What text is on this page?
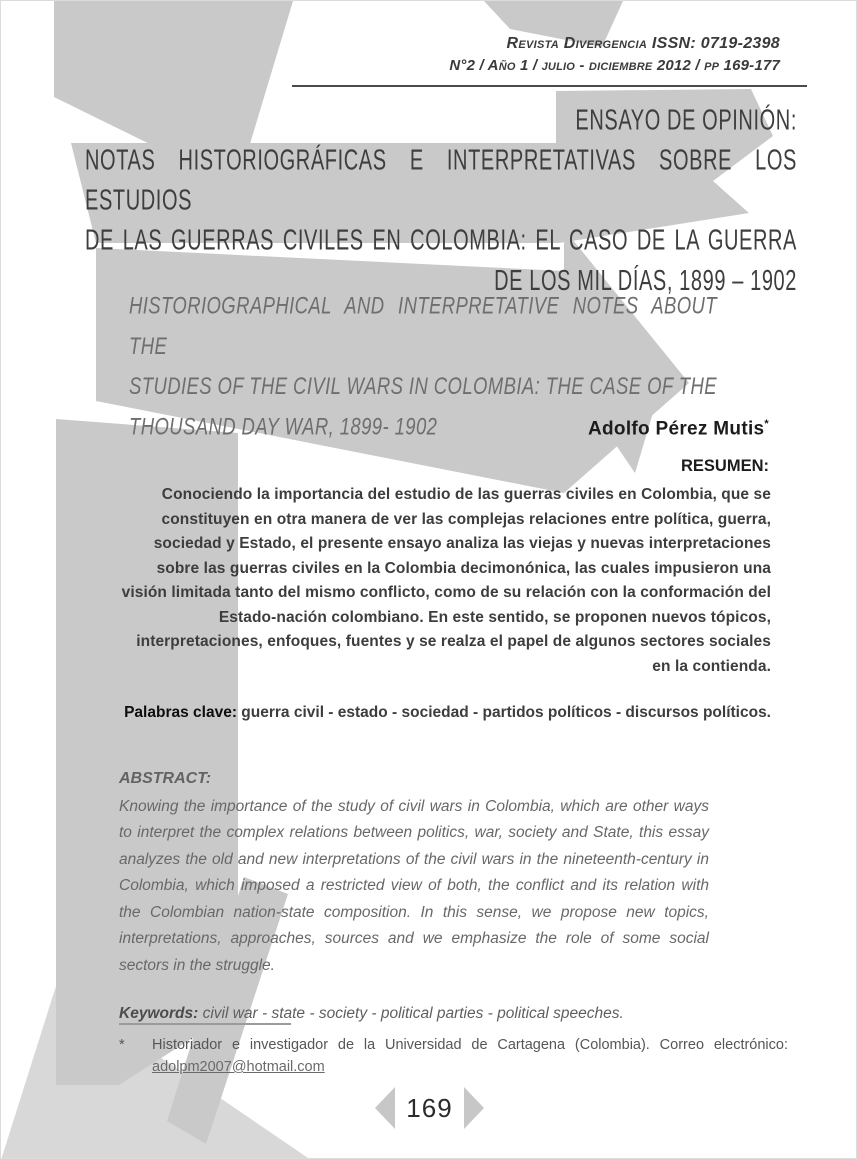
Revista Divergencia ISSN: 0719-2398
N°2 / Año 1 / julio - diciembre 2012 / pp 169-177
ENSAYO DE OPINIÓN:
NOTAS HISTORIOGRÁFICAS E INTERPRETATIVAS SOBRE LOS ESTUDIOS
DE LAS GUERRAS CIVILES EN COLOMBIA: EL CASO DE LA GUERRA
DE LOS MIL DÍAS, 1899 – 1902
HISTORIOGRAPHICAL AND INTERPRETATIVE NOTES ABOUT THE
STUDIES OF THE CIVIL WARS IN COLOMBIA: THE CASE OF THE
THOUSAND DAY WAR, 1899- 1902	Adolfo Pérez Mutis*
RESUMEN:

Conociendo la importancia del estudio de las guerras civiles en Colombia, que se constituyen en otra manera de ver las complejas relaciones entre política, guerra, sociedad y Estado, el presente ensayo analiza las viejas y nuevas interpretaciones sobre las guerras civiles en la Colombia decimonónica, las cuales impusieron una visión limitada tanto del mismo conflicto, como de su relación con la conformación del Estado-nación colombiano. En este sentido, se proponen nuevos tópicos, interpretaciones, enfoques, fuentes y se realza el papel de algunos sectores sociales en la contienda.

Palabras clave: guerra civil - estado - sociedad - partidos políticos - discursos políticos.

ABSTRACT:

Knowing the importance of the study of civil wars in Colombia, which are other ways to interpret the complex relations between politics, war, society and State, this essay analyzes the old and new interpretations of the civil wars in the nineteenth-century in Colombia, which imposed a restricted view of both, the conflict and its relation with the Colombian nation-state composition. In this sense, we propose new topics, interpretations, approaches, sources and we emphasize the role of some social sectors in the struggle.

Keywords: civil war - state - society - political parties - political speeches.

*	Historiador e investigador de la Universidad de Cartagena (Colombia). Correo electrónico: adolpm2007@hotmail.com
169
